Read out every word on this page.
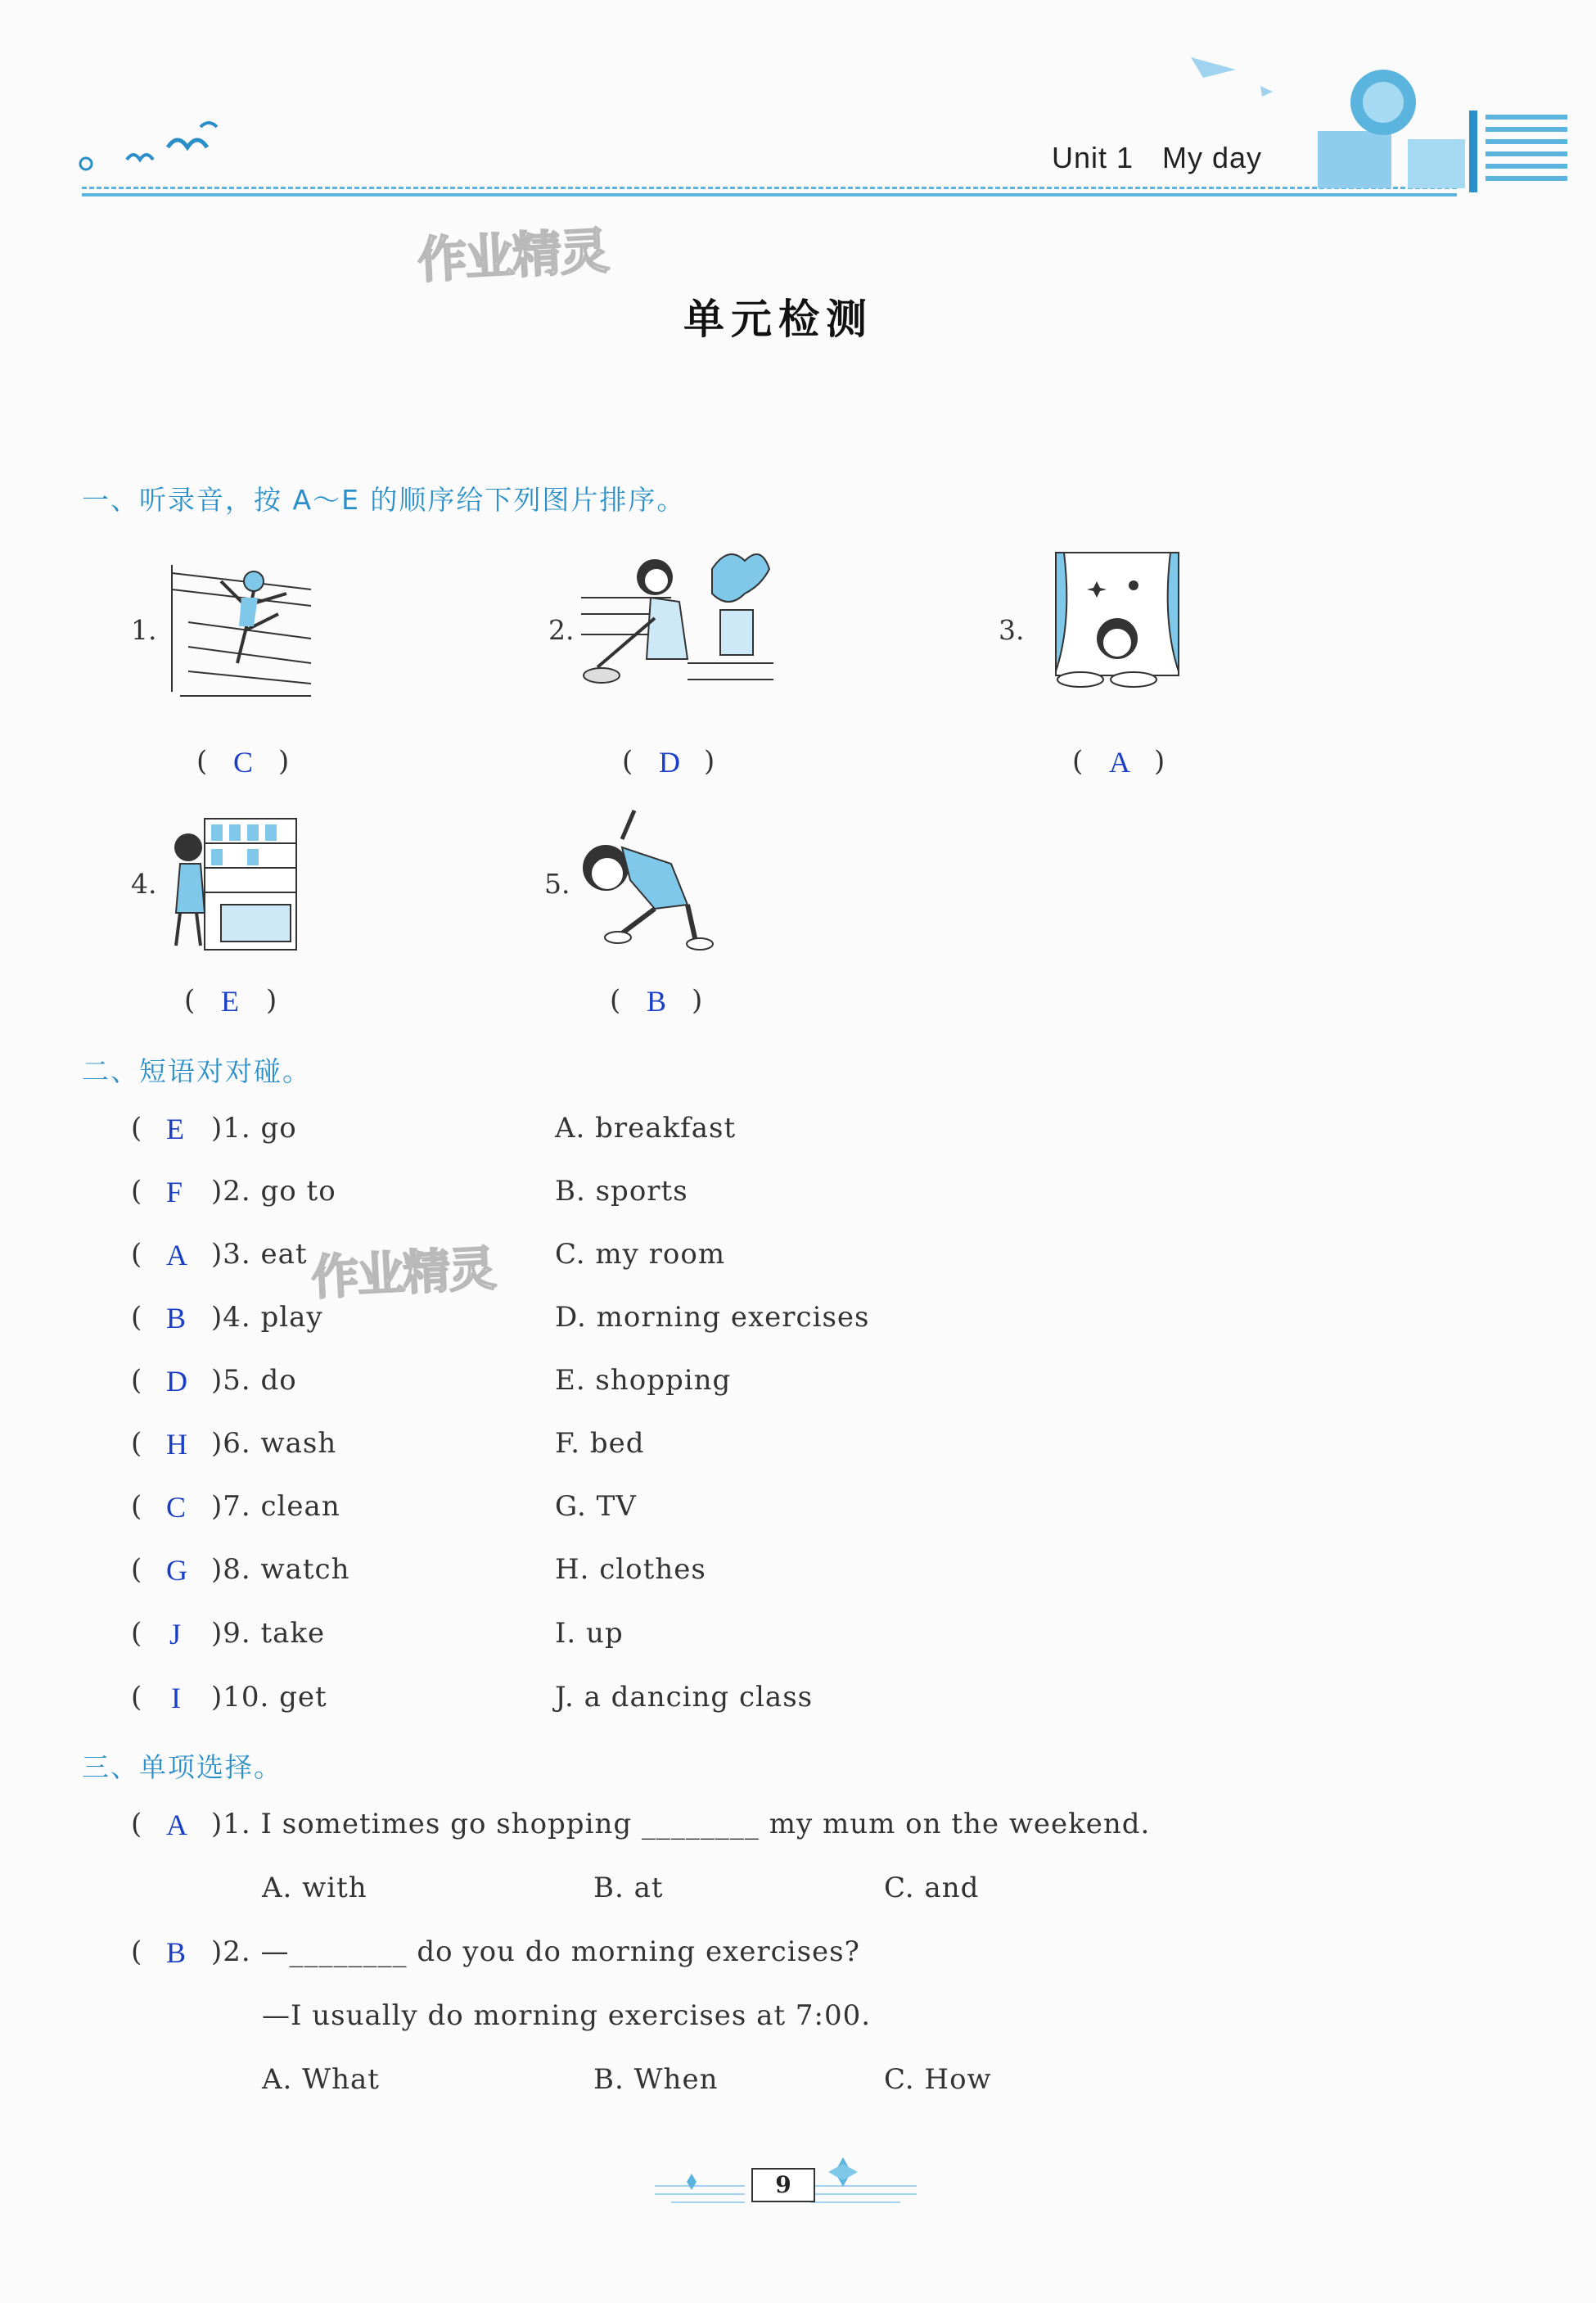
Unit 1 My day
作业精灵
单元检测
一、听录音，按 A～E 的顺序给下列图片排序。
1.
( C )
2.
( D )
3.
( A )
4.
( E )
5.
( B )
二、短语对对碰。
( E )1. go	A. breakfast
( F )2. go to	B. sports
( A )3. eat	C. my room
( B )4. play	D. morning exercises
( D )5. do	E. shopping
( H )6. wash	F. bed
( C )7. clean	G. TV
( G )8. watch	H. clothes
( J )9. take	I. up
( I )10. get	J. a dancing class
作业精灵
三、单项选择。
( A )1. I sometimes go shopping ________ my mum on the weekend.
A. with	B. at	C. and
( B )2. —________ do you do morning exercises?
—I usually do morning exercises at 7:00.
A. What	B. When	C. How
9
